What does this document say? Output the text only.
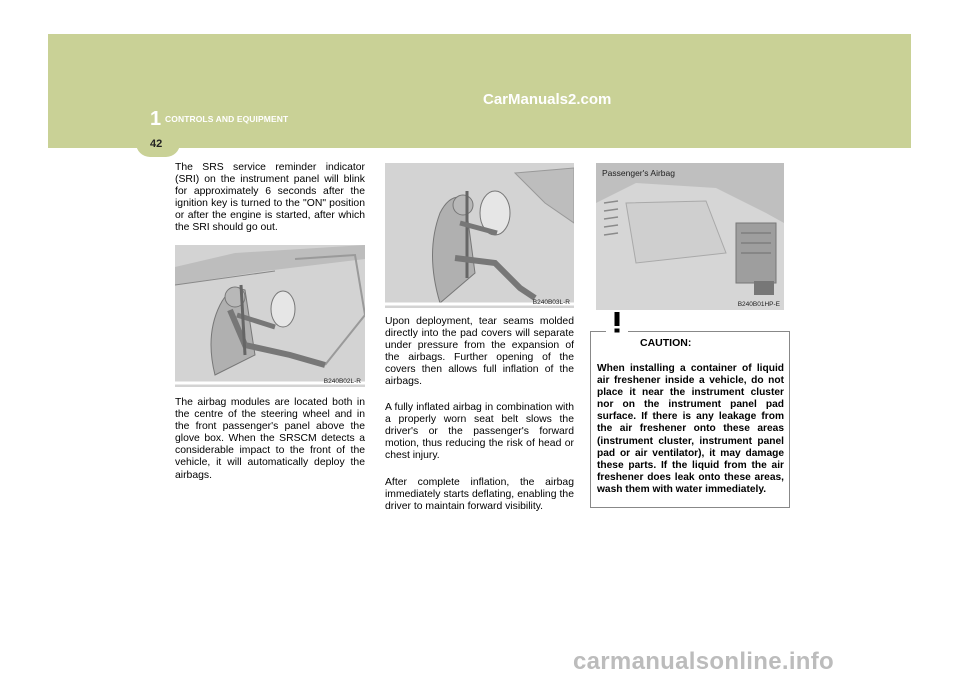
1 CONTROLS AND EQUIPMENT
42
CarManuals2.com

The SRS service reminder indicator (SRI) on the instrument panel will blink for approximately 6 seconds after the ignition key is turned to the "ON" position or after the engine is started, after which the SRI should go out.

B240B02L-R

The airbag modules are located both in the centre of the steering wheel and in the front passenger's panel above the glove box. When the SRSCM detects a considerable impact to the front of the vehicle, it will automatically deploy the airbags.

B240B03L-R

Upon deployment, tear seams molded directly into the pad covers will separate under pressure from the expansion of the airbags. Further opening of the covers then allows full inflation of the airbags.

A fully inflated airbag in combination with a properly worn seat belt slows the driver's or the passenger's forward motion, thus reducing the risk of head or chest injury.

After complete inflation, the airbag immediately starts deflating, enabling the driver to maintain forward visibility.

Passenger's Airbag
B240B01HP-E
When installing a container of liquid air freshener inside a vehicle, do not place it near the instrument cluster nor on the instrument panel pad surface. If there is any leakage from the air freshener onto these areas (instrument cluster, instrument panel pad or air ventilator), it may damage these parts. If the liquid from the air freshener does leak onto these areas, wash them with water immediately.
CAUTION:
carmanualsonline.info
